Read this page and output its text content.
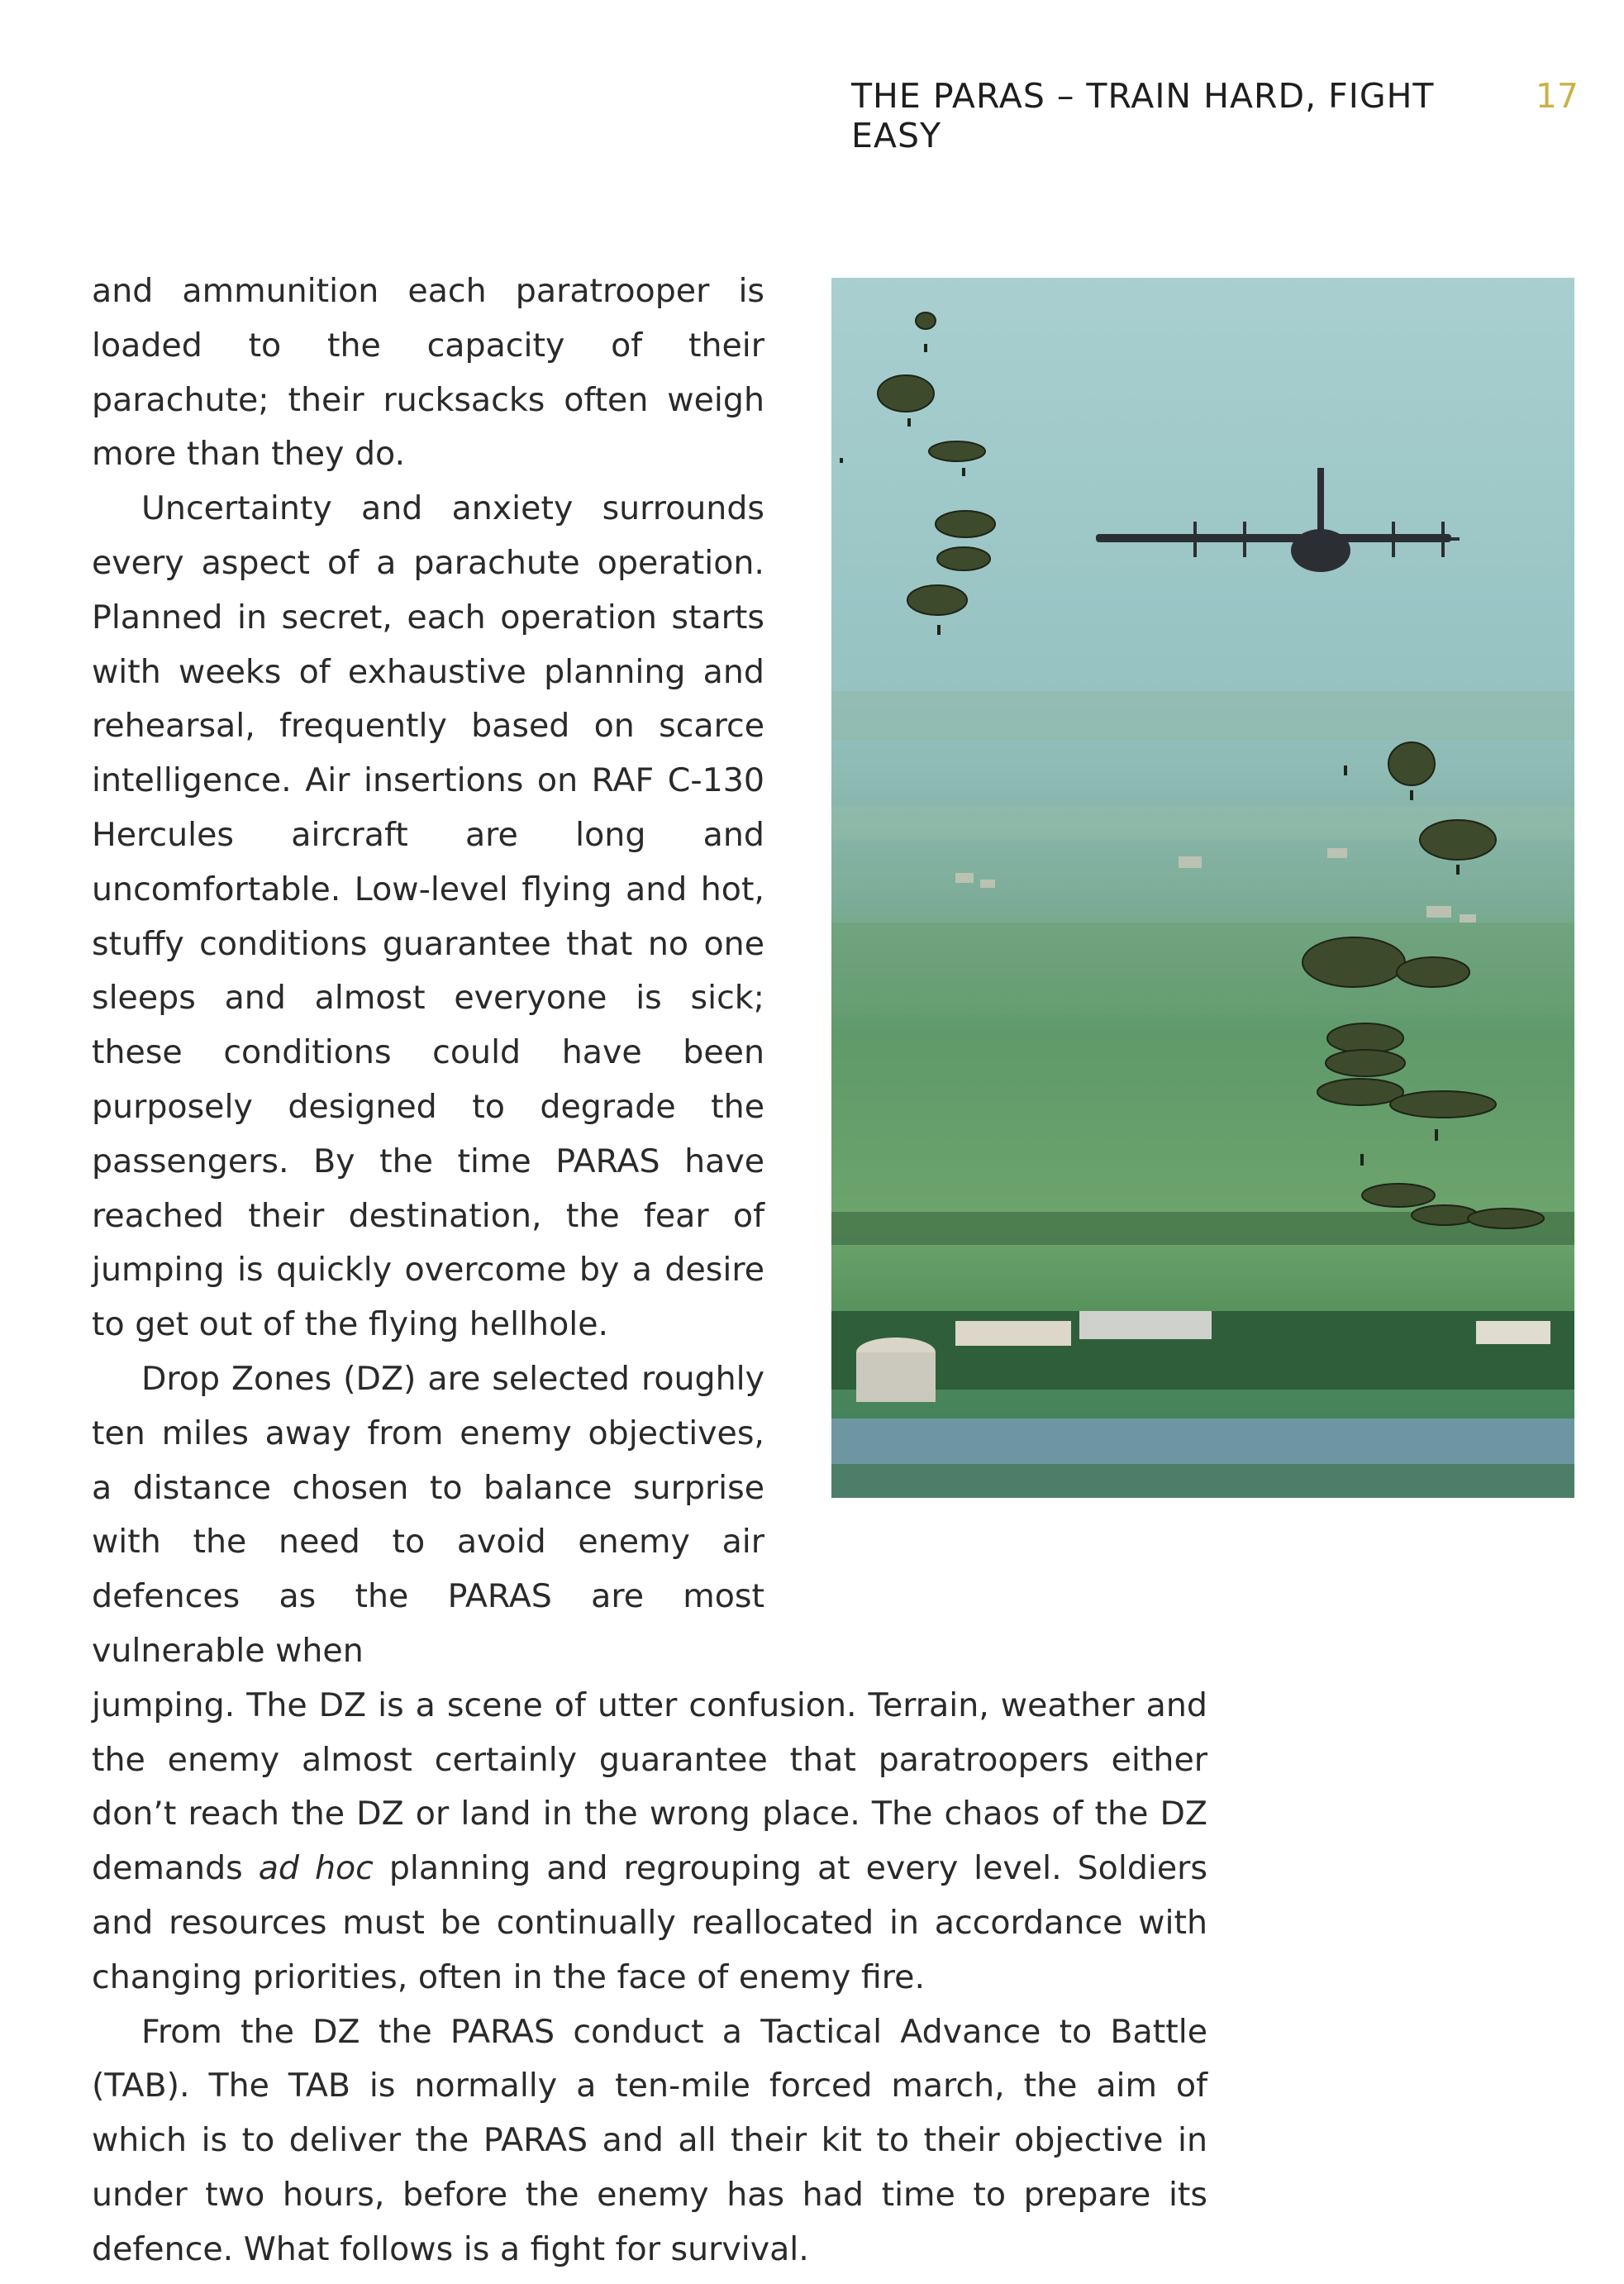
THE PARAS – TRAIN HARD, FIGHT EASY
17

and ammunition each paratrooper is loaded to the capacity of their parachute; their rucksacks often weigh more than they do.

Uncertainty and anxiety surrounds every aspect of a parachute operation. Planned in secret, each operation starts with weeks of exhaustive planning and rehearsal, frequently based on scarce intelligence. Air insertions on RAF C-130 Hercules aircraft are long and uncomfortable. Low-level flying and hot, stuffy conditions guarantee that no one sleeps and almost everyone is sick; these conditions could have been purposely designed to degrade the passengers. By the time PARAS have reached their destination, the fear of jumping is quickly overcome by a desire to get out of the flying hellhole.

Drop Zones (DZ) are selected roughly ten miles away from enemy objectives, a distance chosen to balance surprise with the need to avoid enemy air defences as the PARAS are most vulnerable when

jumping. The DZ is a scene of utter confusion. Terrain, weather and the enemy almost certainly guarantee that paratroopers either don’t reach the DZ or land in the wrong place. The chaos of the DZ demands ad hoc planning and regrouping at every level. Soldiers and resources must be continually reallocated in accordance with changing priorities, often in the face of enemy fire.

From the DZ the PARAS conduct a Tactical Advance to Battle (TAB). The TAB is normally a ten-mile forced march, the aim of which is to deliver the PARAS and all their kit to their objective in under two hours, before the enemy has had time to prepare its defence. What follows is a fight for survival.
